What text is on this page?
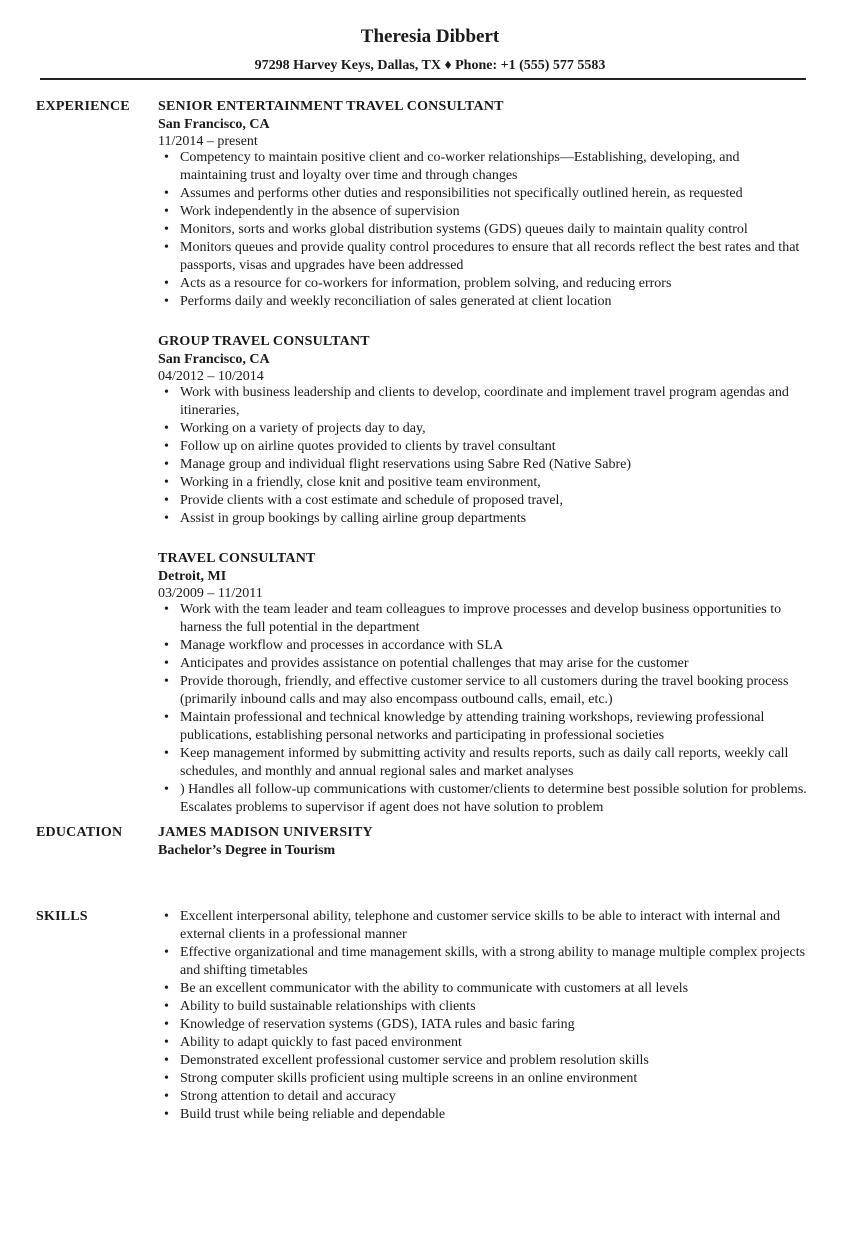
Theresia Dibbert
97298 Harvey Keys, Dallas, TX ♦ Phone: +1 (555) 577 5583
EXPERIENCE SENIOR ENTERTAINMENT TRAVEL CONSULTANT
San Francisco, CA
11/2014 – present
• Competency to maintain positive client and co-worker relationships—Establishing, developing, and maintaining trust and loyalty over time and through changes
• Assumes and performs other duties and responsibilities not specifically outlined herein, as requested
• Work independently in the absence of supervision
• Monitors, sorts and works global distribution systems (GDS) queues daily to maintain quality control
• Monitors queues and provide quality control procedures to ensure that all records reflect the best rates and that passports, visas and upgrades have been addressed
• Acts as a resource for co-workers for information, problem solving, and reducing errors
• Performs daily and weekly reconciliation of sales generated at client location
GROUP TRAVEL CONSULTANT
San Francisco, CA
04/2012 – 10/2014
• Work with business leadership and clients to develop, coordinate and implement travel program agendas and itineraries,
• Working on a variety of projects day to day,
• Follow up on airline quotes provided to clients by travel consultant
• Manage group and individual flight reservations using Sabre Red (Native Sabre)
• Working in a friendly, close knit and positive team environment,
• Provide clients with a cost estimate and schedule of proposed travel,
• Assist in group bookings by calling airline group departments
TRAVEL CONSULTANT
Detroit, MI
03/2009 – 11/2011
• Work with the team leader and team colleagues to improve processes and develop business opportunities to harness the full potential in the department
• Manage workflow and processes in accordance with SLA
• Anticipates and provides assistance on potential challenges that may arise for the customer
• Provide thorough, friendly, and effective customer service to all customers during the travel booking process (primarily inbound calls and may also encompass outbound calls, email, etc.)
• Maintain professional and technical knowledge by attending training workshops, reviewing professional publications, establishing personal networks and participating in professional societies
• Keep management informed by submitting activity and results reports, such as daily call reports, weekly call schedules, and monthly and annual regional sales and market analyses
• ) Handles all follow-up communications with customer/clients to determine best possible solution for problems. Escalates problems to supervisor if agent does not have solution to problem
EDUCATION	JAMES MADISON UNIVERSITY
Bachelor’s Degree in Tourism
SKILLS
•	Excellent interpersonal ability, telephone and customer service skills to be able to interact with internal and external clients in a professional manner
• Effective organizational and time management skills, with a strong ability to manage multiple complex projects and shifting timetables
• Be an excellent communicator with the ability to communicate with customers at all levels
• Ability to build sustainable relationships with clients
• Knowledge of reservation systems (GDS), IATA rules and basic faring
• Ability to adapt quickly to fast paced environment
• Demonstrated excellent professional customer service and problem resolution skills
• Strong computer skills proficient using multiple screens in an online environment
• Strong attention to detail and accuracy
• Build trust while being reliable and dependable
